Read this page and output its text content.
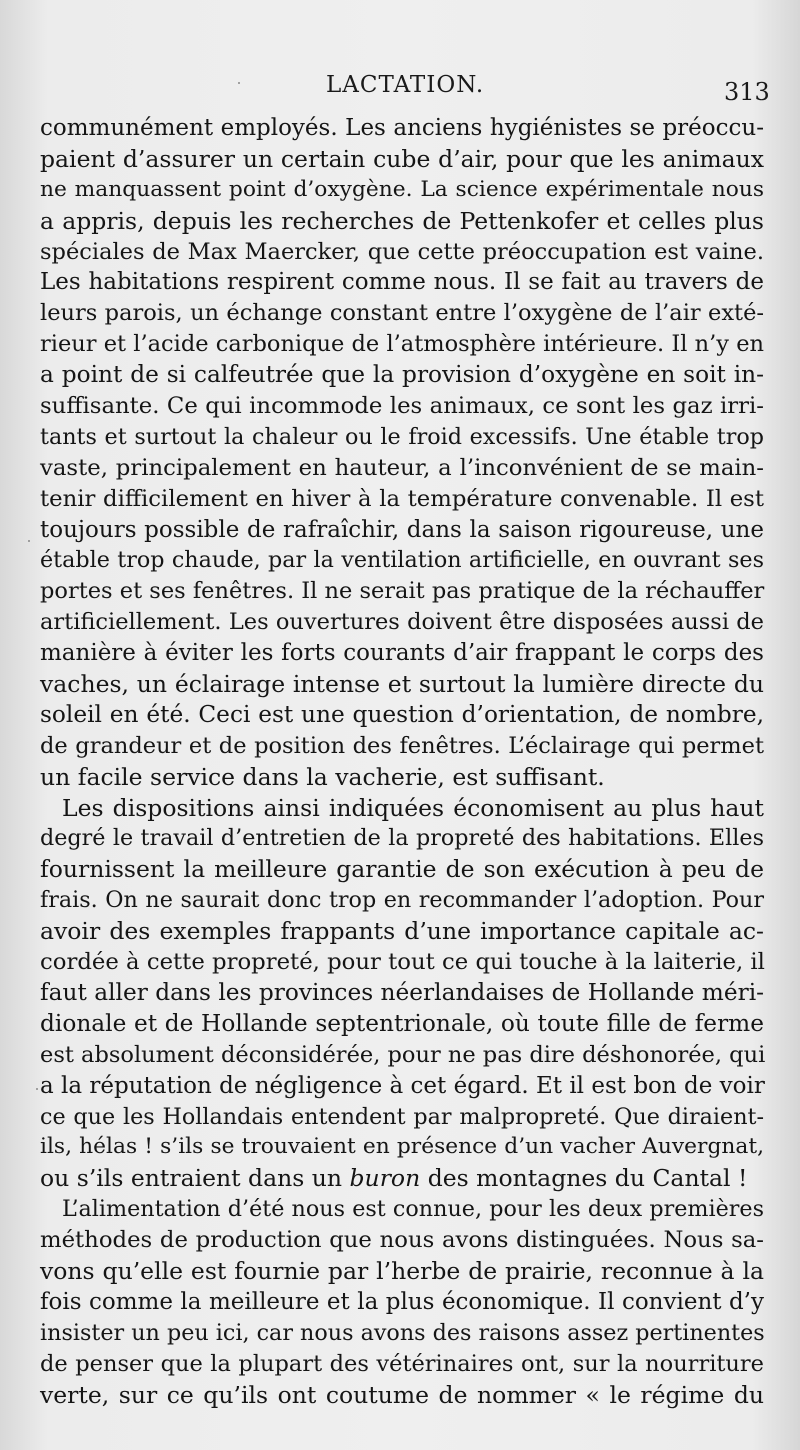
LACTATION.	313
communément employés. Les anciens hygiénistes se préoccu-
paient d’assurer un certain cube d’air, pour que les animaux
ne manquassent point d’oxygène. La science expérimentale nous
a appris, depuis les recherches de Pettenkofer et celles plus
spéciales de Max Maercker, que cette préoccupation est vaine.
Les habitations respirent comme nous. Il se fait au travers de
leurs parois, un échange constant entre l’oxygène de l’air exté-
rieur et l’acide carbonique de l’atmosphère intérieure. Il n’y en
a point de si calfeutrée que la provision d’oxygène en soit in-
suffisante. Ce qui incommode les animaux, ce sont les gaz irri-
tants et surtout la chaleur ou le froid excessifs. Une étable trop
vaste, principalement en hauteur, a l’inconvénient de se main-
tenir difficilement en hiver à la température convenable. Il est
toujours possible de rafraîchir, dans la saison rigoureuse, une
étable trop chaude, par la ventilation artificielle, en ouvrant ses
portes et ses fenêtres. Il ne serait pas pratique de la réchauffer
artificiellement. Les ouvertures doivent être disposées aussi de
manière à éviter les forts courants d’air frappant le corps des
vaches, un éclairage intense et surtout la lumière directe du
soleil en été. Ceci est une question d’orientation, de nombre,
de grandeur et de position des fenêtres. L’éclairage qui permet
un facile service dans la vacherie, est suffisant.
Les dispositions ainsi indiquées économisent au plus haut
degré le travail d’entretien de la propreté des habitations. Elles
fournissent la meilleure garantie de son exécution à peu de
frais. On ne saurait donc trop en recommander l’adoption. Pour
avoir des exemples frappants d’une importance capitale ac-
cordée à cette propreté, pour tout ce qui touche à la laiterie, il
faut aller dans les provinces néerlandaises de Hollande méri-
dionale et de Hollande septentrionale, où toute fille de ferme
est absolument déconsidérée, pour ne pas dire déshonorée, qui
a la réputation de négligence à cet égard. Et il est bon de voir
ce que les Hollandais entendent par malpropreté. Que diraient-
ils, hélas ! s’ils se trouvaient en présence d’un vacher Auvergnat,
ou s’ils entraient dans un buron des montagnes du Cantal !
L’alimentation d’été nous est connue, pour les deux premières
méthodes de production que nous avons distinguées. Nous sa-
vons qu’elle est fournie par l’herbe de prairie, reconnue à la
fois comme la meilleure et la plus économique. Il convient d’y
insister un peu ici, car nous avons des raisons assez pertinentes
de penser que la plupart des vétérinaires ont, sur la nourriture
verte, sur ce qu’ils ont coutume de nommer « le régime du
